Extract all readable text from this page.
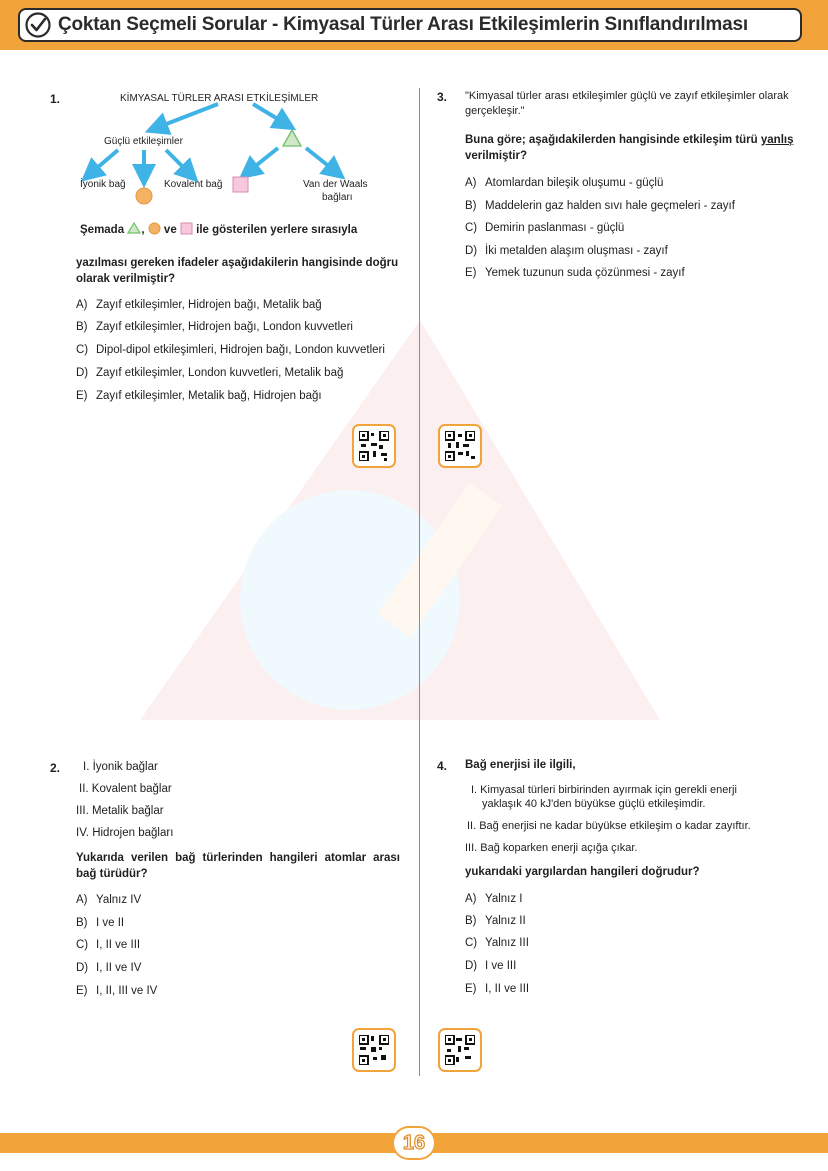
Çoktan Seçmeli Sorular - Kimyasal Türler Arası Etkileşimlerin Sınıflandırılması
1.	KİMYASAL TÜRLER ARASI ETKİLEŞİMLER
Güçlü etkileşimler
İyonik bağ	Kovalent bağ	Van der Waals
bağları
Şemada , ve ile gösterilen yerlere sırasıyla
yazılması gereken ifadeler aşağıdakilerin hangisinde doğru olarak verilmiştir?
A) Zayıf etkileşimler, Hidrojen bağı, Metalik bağ
B) Zayıf etkileşimler, Hidrojen bağı, London kuvvetleri
C) Dipol-dipol etkileşimleri, Hidrojen bağı, London kuvvetleri
D) Zayıf etkileşimler, London kuvvetleri, Metalik bağ
E) Zayıf etkileşimler, Metalik bağ, Hidrojen bağı
3. "Kimyasal türler arası etkileşimler güçlü ve zayıf etkileşimler olarak gerçekleşir."
Buna göre; aşağıdakilerden hangisinde etkileşim türü yanlış verilmiştir?
A) Atomlardan bileşik oluşumu - güçlü
B) Maddelerin gaz halden sıvı hale geçmeleri - zayıf
C) Demirin paslanması - güçlü
D) İki metalden alaşım oluşması - zayıf
E) Yemek tuzunun suda çözünmesi - zayıf
2. I. İyonik bağlar
II. Kovalent bağlar
III. Metalik bağlar
IV. Hidrojen bağları
Yukarıda verilen bağ türlerinden hangileri atomlar arası bağ türüdür?
A) Yalnız IV
B) I ve II
C) I, II ve III
D) I, II ve IV
E) I, II, III ve IV
4. Bağ enerjisi ile ilgili,
I. Kimyasal türleri birbirinden ayırmak için gerekli enerji
yaklaşık 40 kJ'den büyükse güçlü etkileşimdir.
II. Bağ enerjisi ne kadar büyükse etkileşim o kadar zayıftır.
III. Bağ koparken enerji açığa çıkar.
yukarıdaki yargılardan hangileri doğrudur?
A) Yalnız I
B) Yalnız II
C) Yalnız III
D) I ve III
E) I, II ve III
16
